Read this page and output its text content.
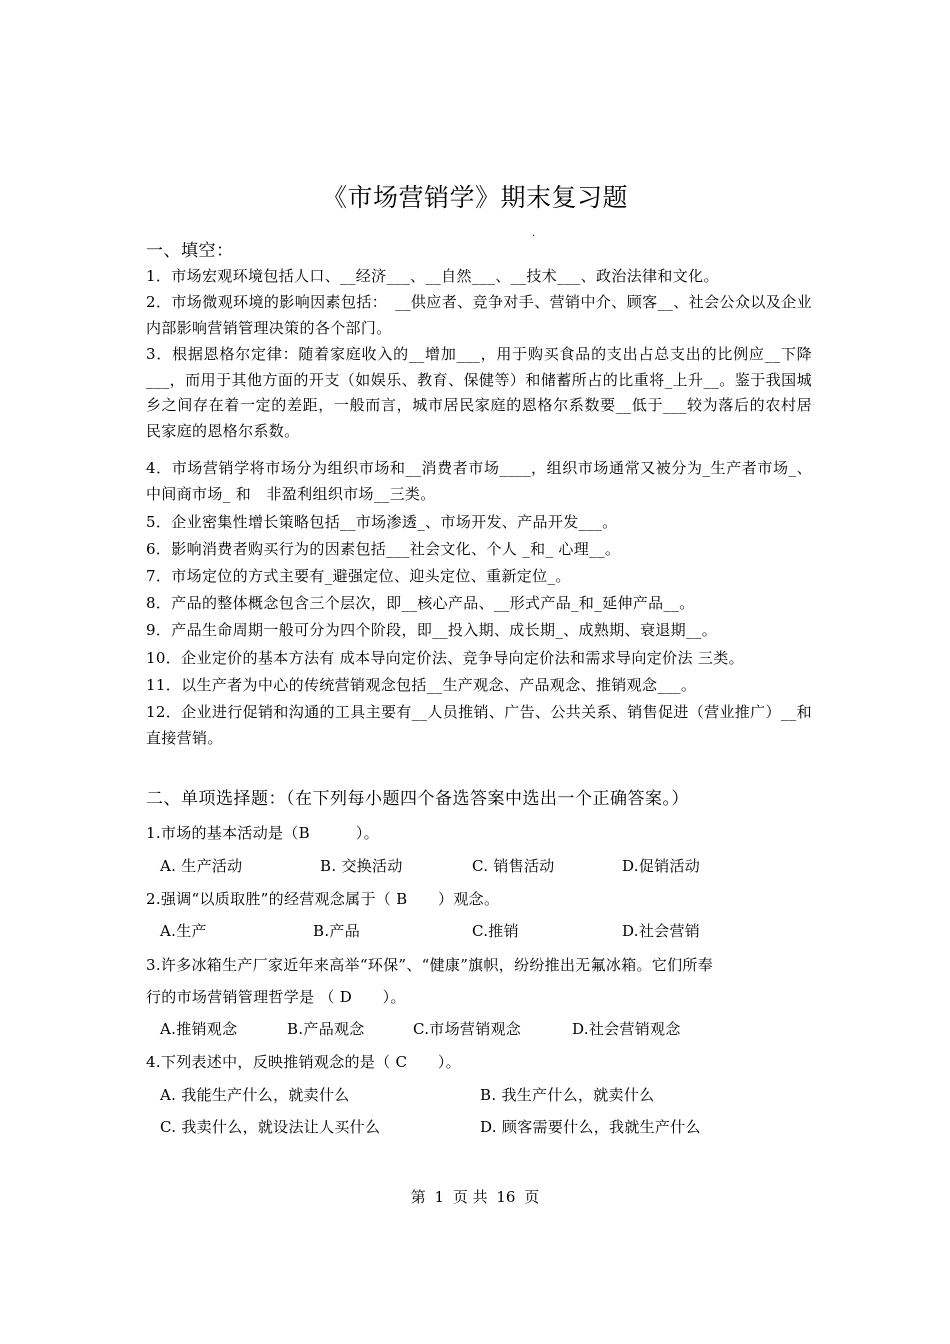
《市场营销学》期末复习题
.
一、填空：

1．市场宏观环境包括人口、__经济___、__自然___、__技术___、政治法律和文化。

2．市场微观环境的影响因素包括：　__供应者、竞争对手、营销中介、顾客__、社会公众以及企业内部影响营销管理决策的各个部门。

3．根据恩格尔定律：随着家庭收入的__增加___，用于购买食品的支出占总支出的比例应__下降___，而用于其他方面的开支（如娱乐、教育、保健等）和储蓄所占的比重将_上升__。鉴于我国城乡之间存在着一定的差距，一般而言，城市居民家庭的恩格尔系数要__低于___较为落后的农村居民家庭的恩格尔系数。

4．市场营销学将市场分为组织市场和__消费者市场____，组织市场通常又被分为_生产者市场_、中间商市场_ 和　非盈利组织市场__三类。

5．企业密集性增长策略包括__市场渗透_、市场开发、产品开发___。

6．影响消费者购买行为的因素包括___社会文化、个人 _和_ 心理__。

7．市场定位的方式主要有_避强定位、迎头定位、重新定位_。

8．产品的整体概念包含三个层次，即__核心产品、__形式产品_和_延伸产品__。

9．产品生命周期一般可分为四个阶段，即__投入期、成长期_、成熟期、衰退期__。

10．企业定价的基本方法有 成本导向定价法、竞争导向定价法和需求导向定价法 三类。

11．以生产者为中心的传统营销观念包括__生产观念、产品观念、推销观念___。

12．企业进行促销和沟通的工具主要有__人员推销、广告、公共关系、销售促进（营业推广）__和直接营销。

二、单项选择题：（在下列每小题四个备选答案中选出一个正确答案。）
1.市场的基本活动是（B　　　）。
A. 生产活动	B. 交换活动	C. 销售活动	D.促销活动
2.强调“以质取胜”的经营观念属于（ B　　）观念。
A.生产	B.产品	C.推销	D.社会营销
3.许多冰箱生产厂家近年来高举“环保”、“健康”旗帜，纷纷推出无氟冰箱。它们所奉
行的市场营销管理哲学是 （ D　　）。
A.推销观念	B.产品观念	C.市场营销观念	D.社会营销观念
4.下列表述中，反映推销观念的是（ C　　）。
A. 我能生产什么，就卖什么	B. 我生产什么，就卖什么
C. 我卖什么，就设法让人买什么	D. 顾客需要什么，我就生产什么
第 1 页 共 16 页
